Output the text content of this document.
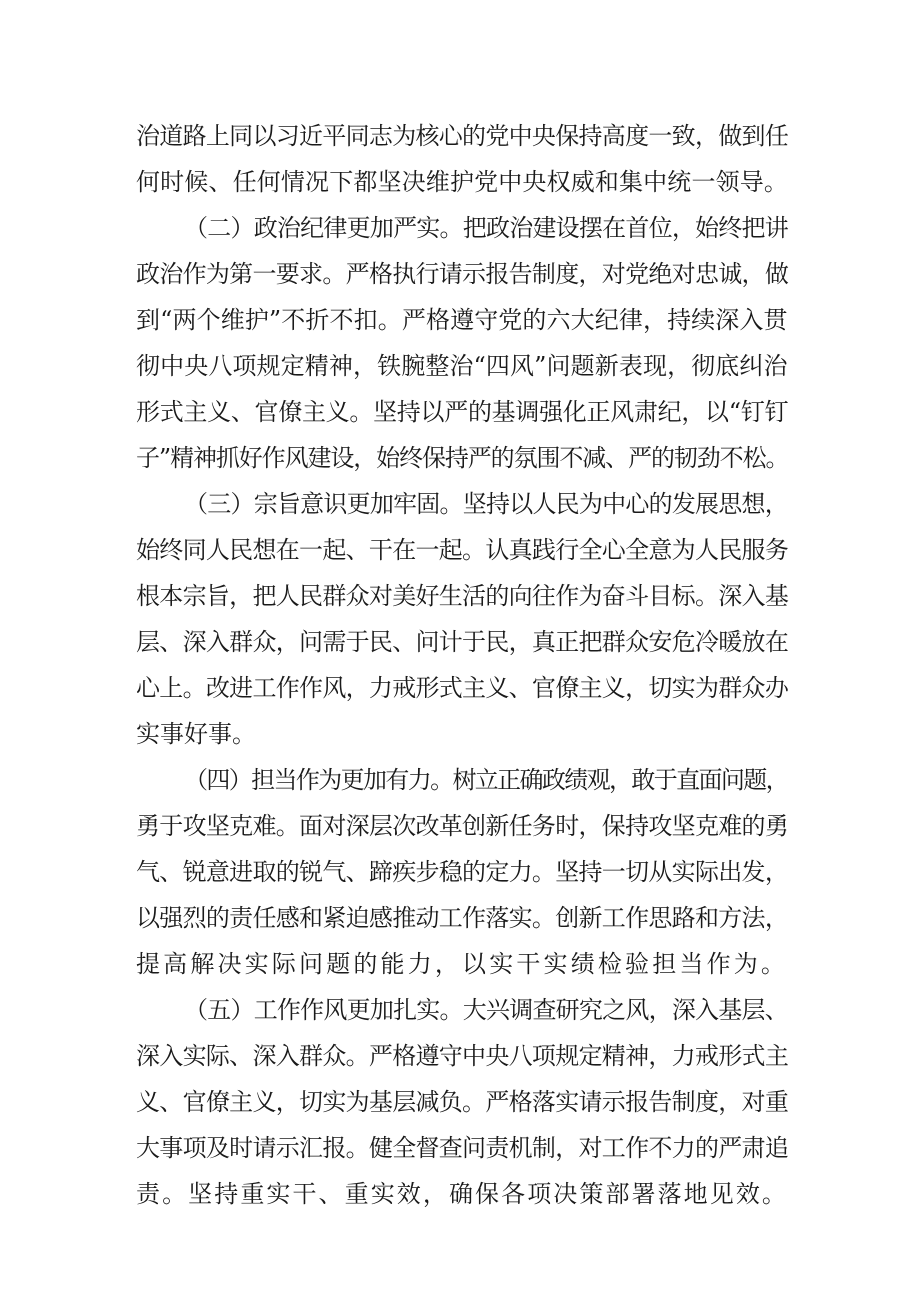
治道路上同以习近平同志为核心的党中央保持高度一致，做到任
何时候、任何情况下都坚决维护党中央权威和集中统一领导。
（二）政治纪律更加严实。把政治建设摆在首位，始终把讲
政治作为第一要求。严格执行请示报告制度，对党绝对忠诚，做
到“两个维护”不折不扣。严格遵守党的六大纪律，持续深入贯
彻中央八项规定精神，铁腕整治“四风”问题新表现，彻底纠治
形式主义、官僚主义。坚持以严的基调强化正风肃纪，以“钉钉
子”精神抓好作风建设，始终保持严的氛围不减、严的韧劲不松。
（三）宗旨意识更加牢固。坚持以人民为中心的发展思想，
始终同人民想在一起、干在一起。认真践行全心全意为人民服务
根本宗旨，把人民群众对美好生活的向往作为奋斗目标。深入基
层、深入群众，问需于民、问计于民，真正把群众安危冷暖放在
心上。改进工作作风，力戒形式主义、官僚主义，切实为群众办
实事好事。
（四）担当作为更加有力。树立正确政绩观，敢于直面问题，
勇于攻坚克难。面对深层次改革创新任务时，保持攻坚克难的勇
气、锐意进取的锐气、蹄疾步稳的定力。坚持一切从实际出发，
以强烈的责任感和紧迫感推动工作落实。创新工作思路和方法，
提高解决实际问题的能力，以实干实绩检验担当作为。
（五）工作作风更加扎实。大兴调查研究之风，深入基层、
深入实际、深入群众。严格遵守中央八项规定精神，力戒形式主
义、官僚主义，切实为基层减负。严格落实请示报告制度，对重
大事项及时请示汇报。健全督查问责机制，对工作不力的严肃追
责。坚持重实干、重实效，确保各项决策部署落地见效。
